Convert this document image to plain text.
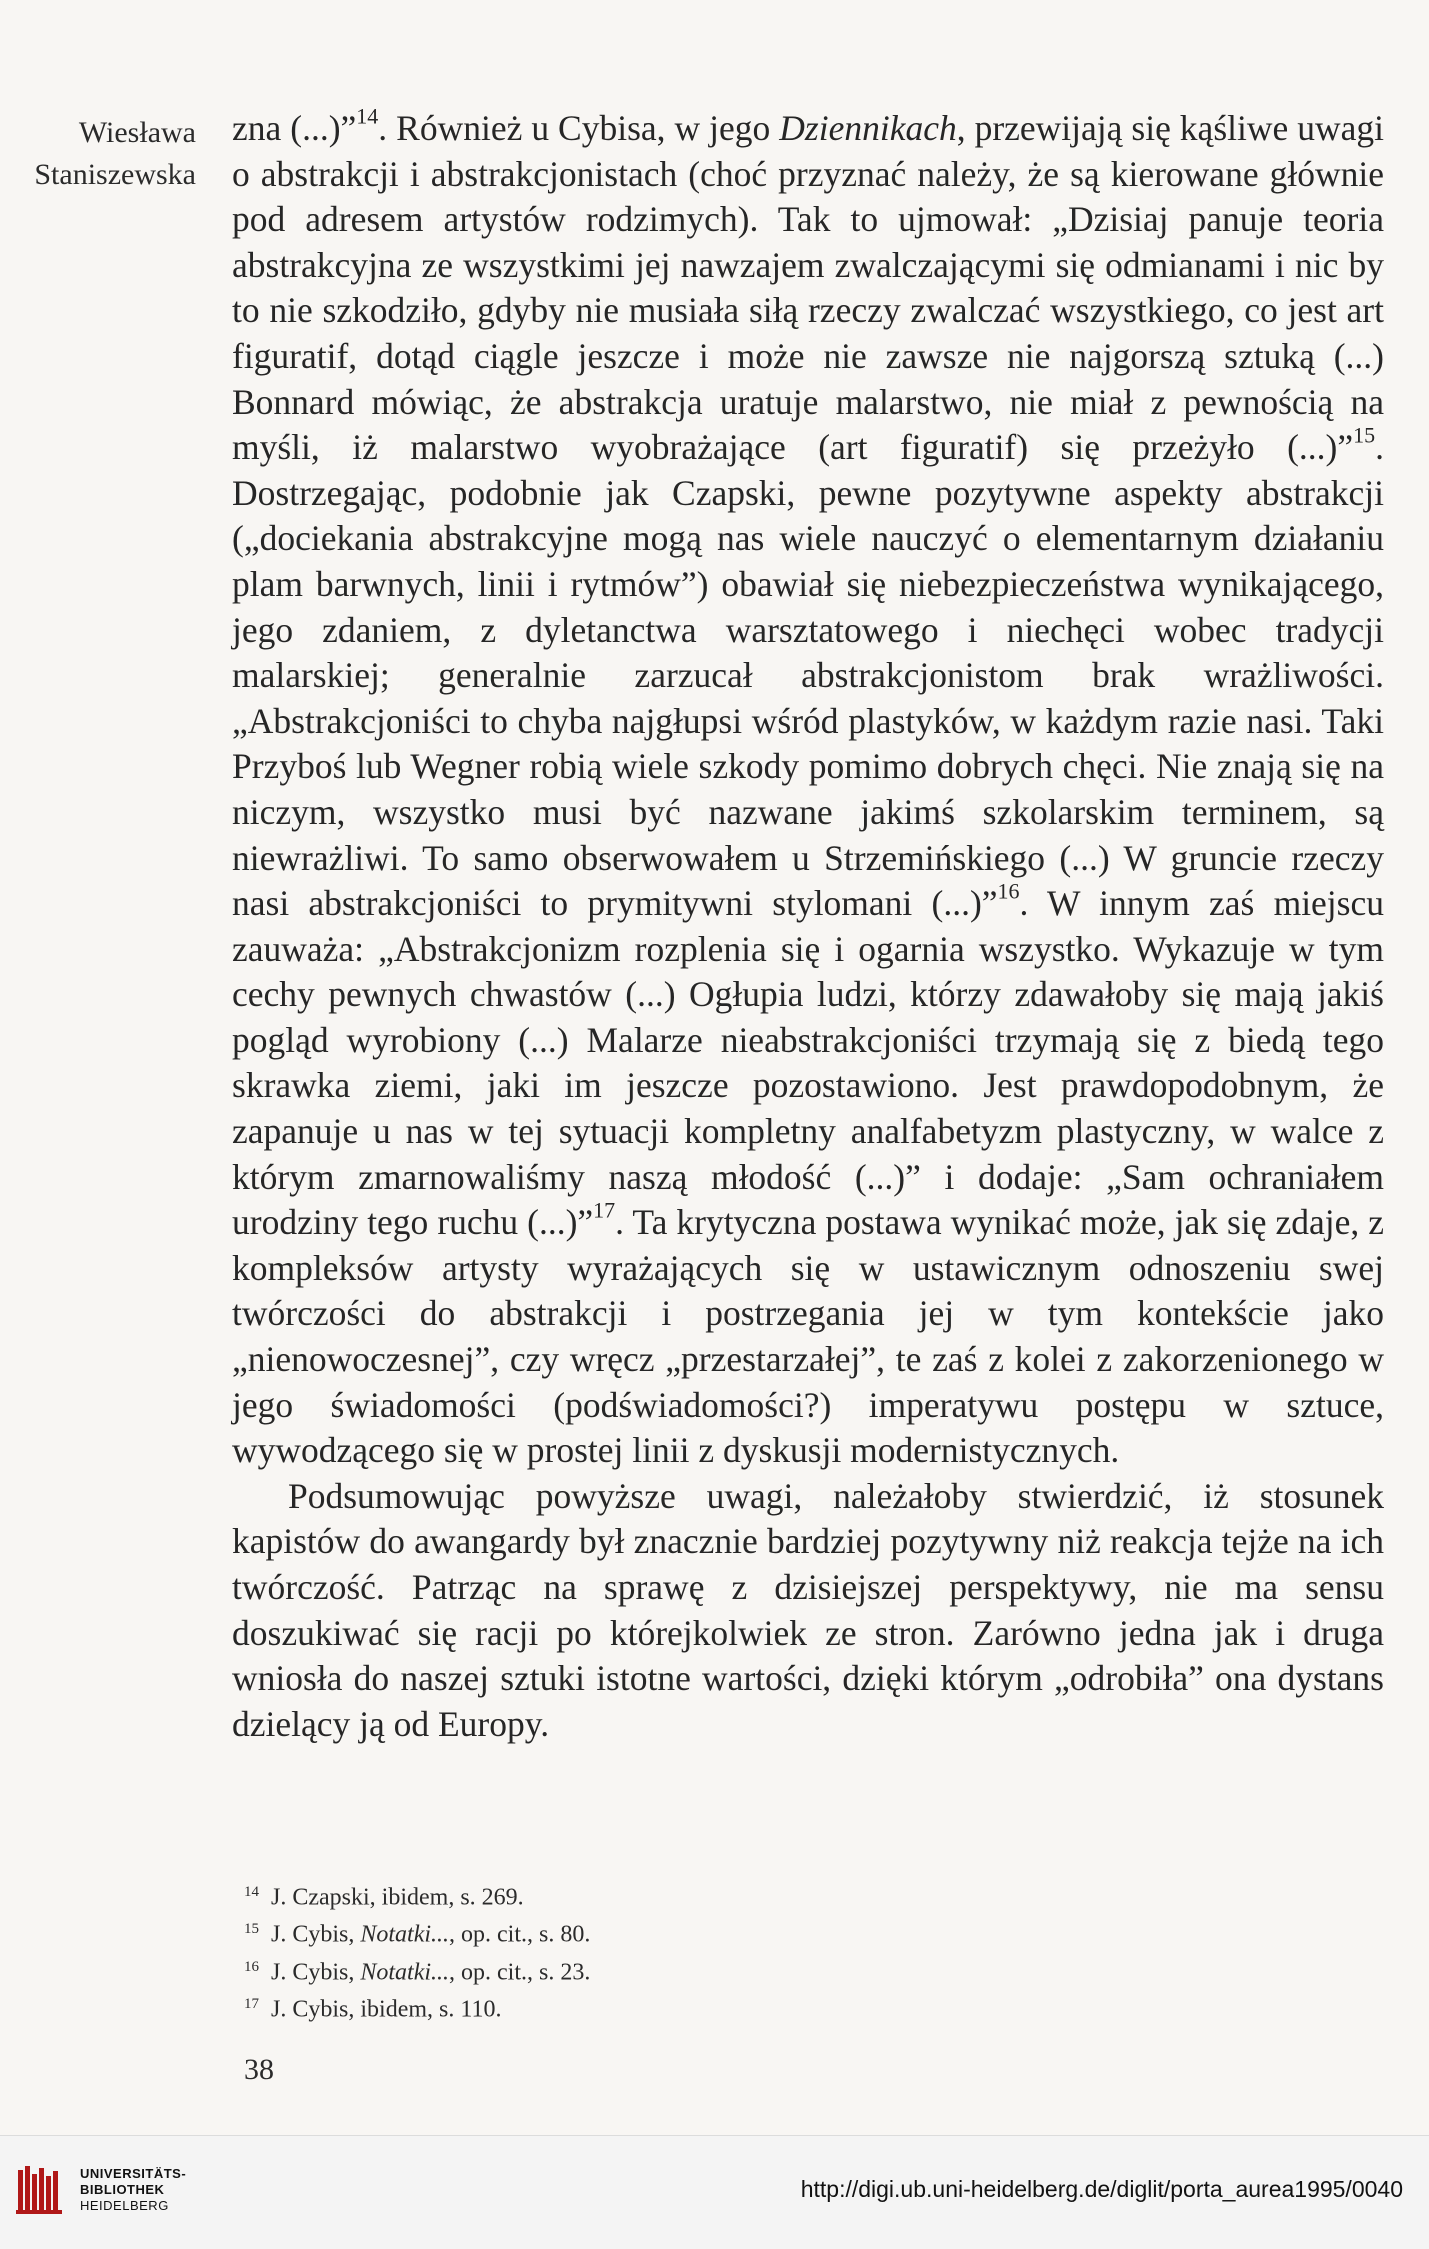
Wiesława
Staniszewska

zna (...)”$^{14}$. Również u Cybisa, w jego Dziennikach, przewijają się kąśliwe uwagi o abstrakcji i abstrakcjonistach (choć przyznać należy, że są kierowane głównie pod adresem artystów rodzimych). Tak to ujmował: „Dzisiaj panuje teoria abstrakcyjna ze wszystkimi jej nawzajem zwalczającymi się odmianami i nic by to nie szkodziło, gdyby nie musiała siłą rzeczy zwalczać wszystkiego, co jest art figuratif, dotąd ciągle jeszcze i może nie zawsze nie najgorszą sztuką (...) Bonnard mówiąc, że abstrakcja uratuje malarstwo, nie miał z pewnością na myśli, iż malarstwo wyobrażające (art figuratif) się przeżyło (...)”$^{15}$. Dostrzegając, podobnie jak Czapski, pewne pozytywne aspekty abstrakcji („dociekania abstrakcyjne mogą nas wiele nauczyć o elementarnym działaniu plam barwnych, linii i rytmów”) obawiał się niebezpieczeństwa wynikającego, jego zdaniem, z dyletanctwa warsztatowego i niechęci wobec tradycji malarskiej; generalnie zarzucał abstrakcjonistom brak wrażliwości. „Abstrakcjoniści to chyba najgłupsi wśród plastyków, w każdym razie nasi. Taki Przyboś lub Wegner robią wiele szkody pomimo dobrych chęci. Nie znają się na niczym, wszystko musi być nazwane jakimś szkolarskim terminem, są niewrażliwi. To samo obserwowałem u Strzemińskiego (...) W gruncie rzeczy nasi abstrakcjoniści to prymitywni stylomani (...)”$^{16}$. W innym zaś miejscu zauważa: „Abstrakcjonizm rozplenia się i ogarnia wszystko. Wykazuje w tym cechy pewnych chwastów (...) Ogłupia ludzi, którzy zdawałoby się mają jakiś pogląd wyrobiony (...) Malarze nieabstrakcjoniści trzymają się z biedą tego skrawka ziemi, jaki im jeszcze pozostawiono. Jest prawdopodobnym, że zapanuje u nas w tej sytuacji kompletny analfabetyzm plastyczny, w walce z którym zmarnowaliśmy naszą młodość (...)” i dodaje: „Sam ochraniałem urodziny tego ruchu (...)”$^{17}$. Ta krytyczna postawa wynikać może, jak się zdaje, z kompleksów artysty wyrażających się w ustawicznym odnoszeniu swej twórczości do abstrakcji i postrzegania jej w tym kontekście jako „nienowoczesnej”, czy wręcz „przestarzałej”, te zaś z kolei z zakorzenionego w jego świadomości (podświadomości?) imperatywu postępu w sztuce, wywodzącego się w prostej linii z dyskusji modernistycznych.

Podsumowując powyższe uwagi, należałoby stwierdzić, iż stosunek kapistów do awangardy był znacznie bardziej pozytywny niż reakcja tejże na ich twórczość. Patrząc na sprawę z dzisiejszej perspektywy, nie ma sensu doszukiwać się racji po którejkolwiek ze stron. Zarówno jedna jak i druga wniosła do naszej sztuki istotne wartości, dzięki którym „odrobiła” ona dystans dzielący ją od Europy.

$^{14}$ J. Czapski, ibidem, s. 269.
$^{15}$ J. Cybis, Notatki..., op. cit., s. 80.
$^{16}$ J. Cybis, Notatki..., op. cit., s. 23.
$^{17}$ J. Cybis, ibidem, s. 110.
38
UNIVERSITÄTS-
BIBLIOTHEK
HEIDELBERG
http://digi.ub.uni-heidelberg.de/diglit/porta_aurea1995/0040
